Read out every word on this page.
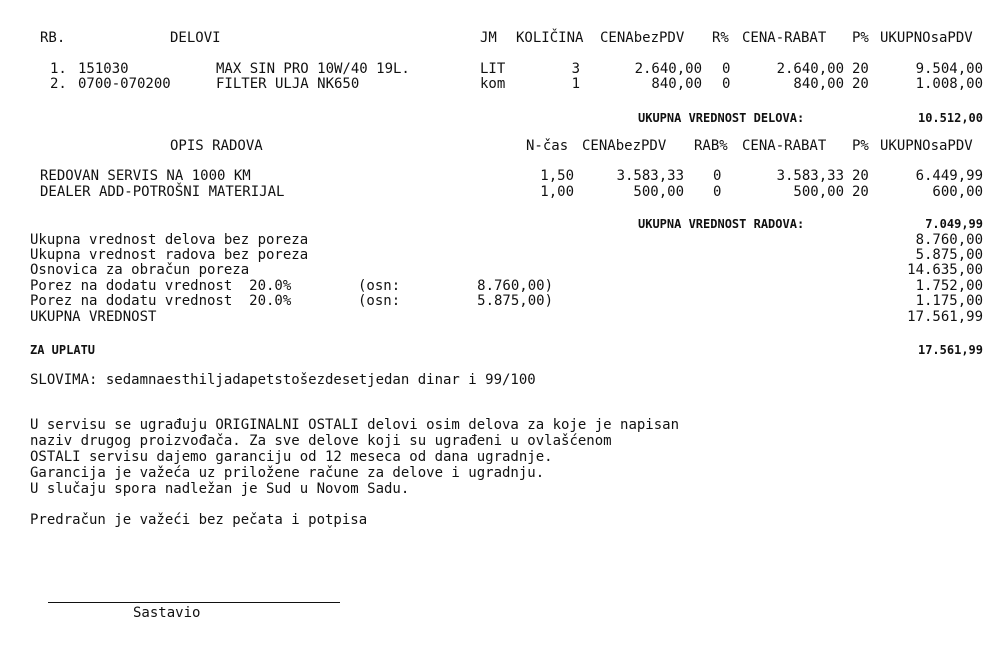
RB.	DELOVI	JM KOLIČINA CENAbezPDV R% CENA-RABAT P% UKUPNOsaPDV
1. 151030	MAX SIN PRO 10W/40 19L.	LIT	3	2.640,00 0	2.640,00 20	9.504,00
2. 0700-070200	FILTER ULJA NK650	kom	1	840,00 0	840,00 20	1.008,00
UKUPNA VREDNOST DELOVA:	10.512,00
OPIS RADOVA	N-čas CENAbezPDV RAB% CENA-RABAT P% UKUPNOsaPDV
REDOVAN SERVIS NA 1000 KM	1,50	3.583,33 0	3.583,33 20	6.449,99
DEALER ADD-POTROŠNI MATERIJAL	1,00	500,00 0	500,00 20	600,00
UKUPNA VREDNOST RADOVA:	7.049,99
Ukupna vrednost delova bez poreza	8.760,00
Ukupna vrednost radova bez poreza	5.875,00
Osnovica za obračun poreza	14.635,00
Porez na dodatu vrednost  20.0%	(osn:	8.760,00)	1.752,00
Porez na dodatu vrednost  20.0%	(osn:	5.875,00)	1.175,00
UKUPNA VREDNOST	17.561,99
ZA UPLATU	17.561,99
SLOVIMA: sedamnaesthiljadapetstošezdesetjedan dinar i 99/100
U servisu se ugrađuju ORIGINALNI OSTALI delovi osim delova za koje je napisan
naziv drugog proizvođača. Za sve delove koji su ugrađeni u ovlašćenom
OSTALI servisu dajemo garanciju od 12 meseca od dana ugradnje.
Garancija je važeća uz priložene račune za delove i ugradnju.
U slučaju spora nadležan je Sud u Novom Sadu.
Predračun je važeći bez pečata i potpisa
Sastavio
